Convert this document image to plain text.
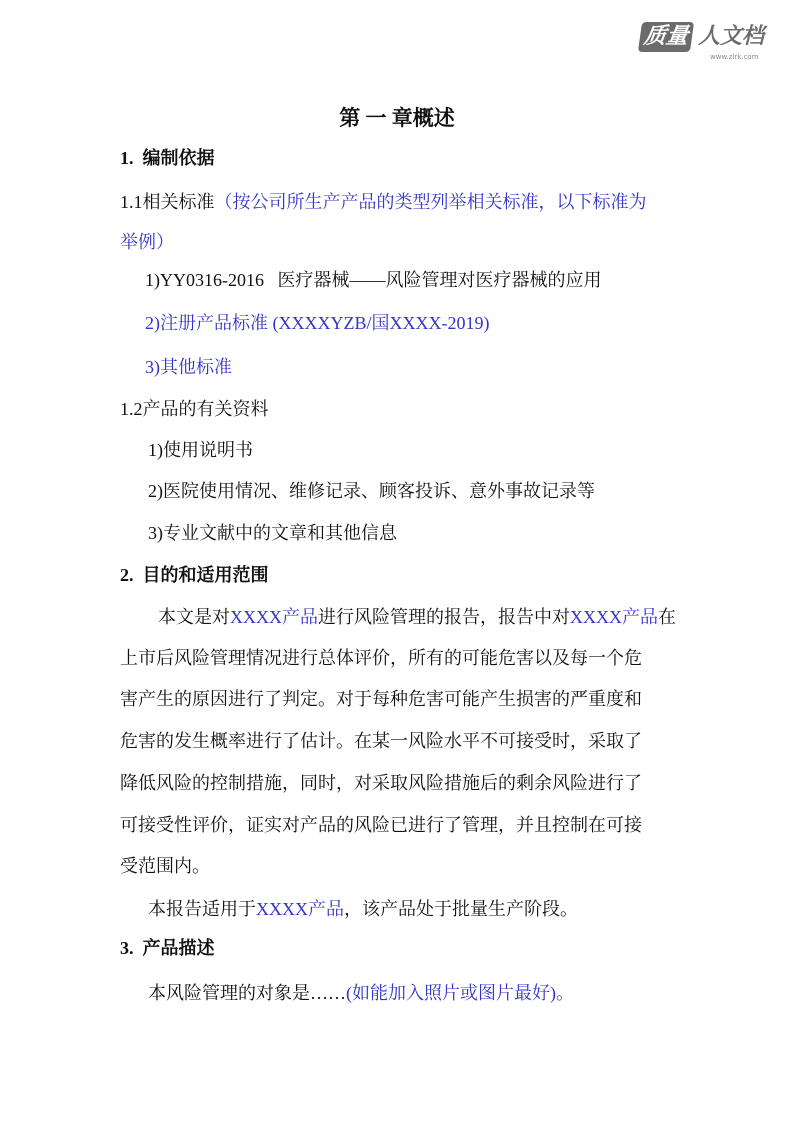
质量 人文档
www.zlrk.com
第 一 章概述
1.  编制依据
1.1相关标准（按公司所生产产品的类型列举相关标准，以下标准为
举例）
1)YY0316-2016   医疗器械——风险管理对医疗器械的应用
2)注册产品标准 (XXXXYZB/国XXXX-2019)
3)其他标准
1.2产品的有关资料
1)使用说明书
2)医院使用情况、维修记录、顾客投诉、意外事故记录等
3)专业文献中的文章和其他信息
2.  目的和适用范围
本文是对XXXX产品进行风险管理的报告，报告中对XXXX产品在
上市后风险管理情况进行总体评价，所有的可能危害以及每一个危
害产生的原因进行了判定。对于每种危害可能产生损害的严重度和
危害的发生概率进行了估计。在某一风险水平不可接受时，采取了
降低风险的控制措施，同时，对采取风险措施后的剩余风险进行了
可接受性评价，证实对产品的风险已进行了管理，并且控制在可接
受范围内。
本报告适用于XXXX产品，该产品处于批量生产阶段。
3.  产品描述
本风险管理的对象是……(如能加入照片或图片最好)。
